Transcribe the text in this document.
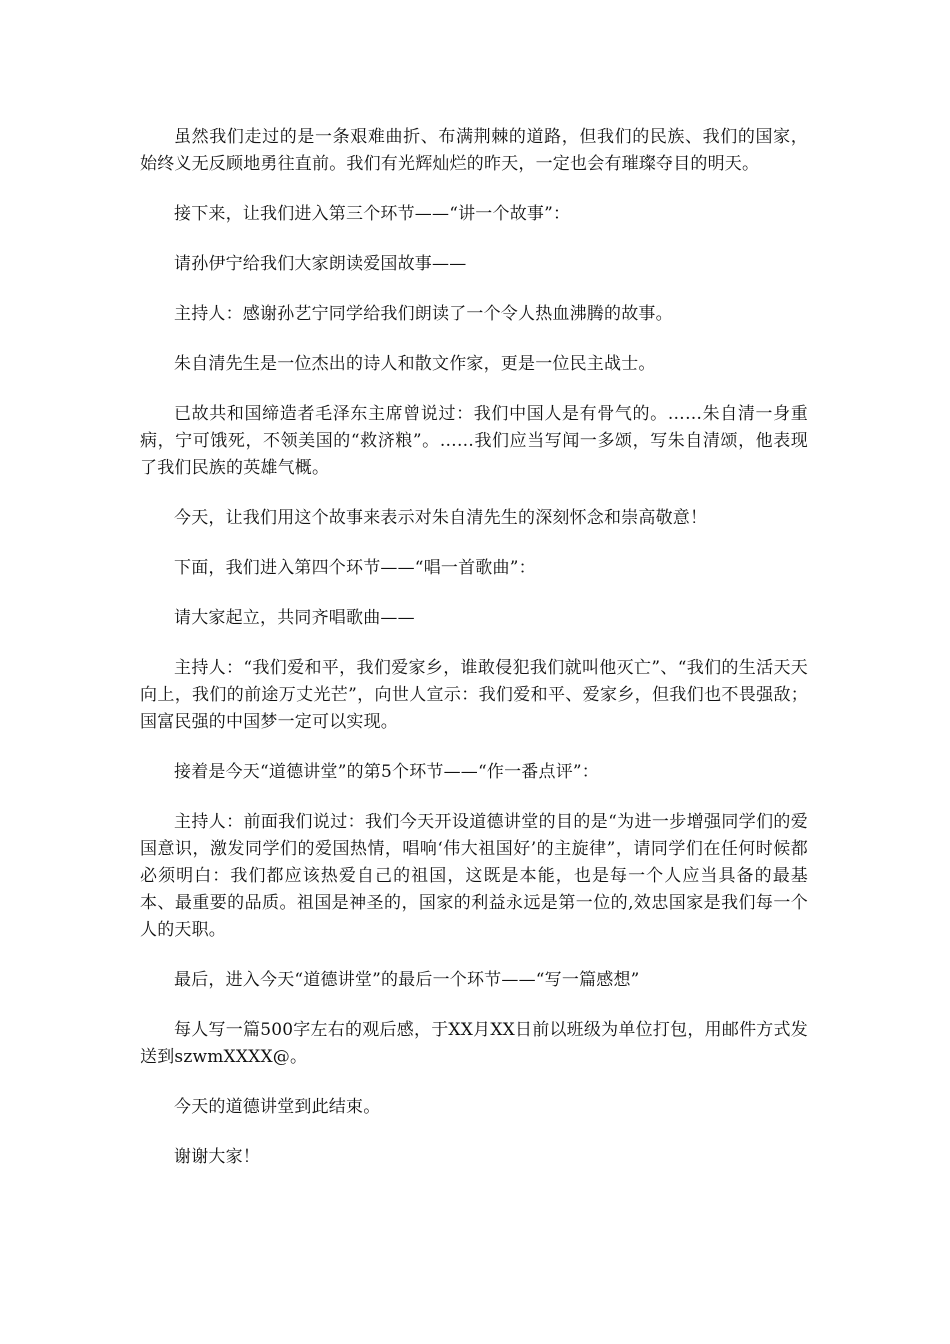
虽然我们走过的是一条艰难曲折、布满荆棘的道路，但我们的民族、我们的国家，始终义无反顾地勇往直前。我们有光辉灿烂的昨天，一定也会有璀璨夺目的明天。

接下来，让我们进入第三个环节——“讲一个故事”：

请孙伊宁给我们大家朗读爱国故事——

主持人：感谢孙艺宁同学给我们朗读了一个令人热血沸腾的故事。

朱自清先生是一位杰出的诗人和散文作家，更是一位民主战士。

已故共和国缔造者毛泽东主席曾说过：我们中国人是有骨气的。……朱自清一身重病，宁可饿死，不领美国的“救济粮”。……我们应当写闻一多颂，写朱自清颂，他表现了我们民族的英雄气概。

今天，让我们用这个故事来表示对朱自清先生的深刻怀念和崇高敬意！

下面，我们进入第四个环节——“唱一首歌曲”：

请大家起立，共同齐唱歌曲——

主持人：“我们爱和平，我们爱家乡，谁敢侵犯我们就叫他灭亡”、“我们的生活天天向上，我们的前途万丈光芒”，向世人宣示：我们爱和平、爱家乡，但我们也不畏强敌；国富民强的中国梦一定可以实现。

接着是今天“道德讲堂”的第5个环节——“作一番点评”：

主持人：前面我们说过：我们今天开设道德讲堂的目的是“为进一步增强同学们的爱国意识，激发同学们的爱国热情，唱响‘伟大祖国好’的主旋律”，请同学们在任何时候都必须明白：我们都应该热爱自己的祖国，这既是本能，也是每一个人应当具备的最基本、最重要的品质。祖国是神圣的，国家的利益永远是第一位的,效忠国家是我们每一个人的天职。

最后，进入今天“道德讲堂”的最后一个环节——“写一篇感想”

每人写一篇500字左右的观后感，于XX月XX日前以班级为单位打包，用邮件方式发送到szwmXXXX@。

今天的道德讲堂到此结束。

谢谢大家！
